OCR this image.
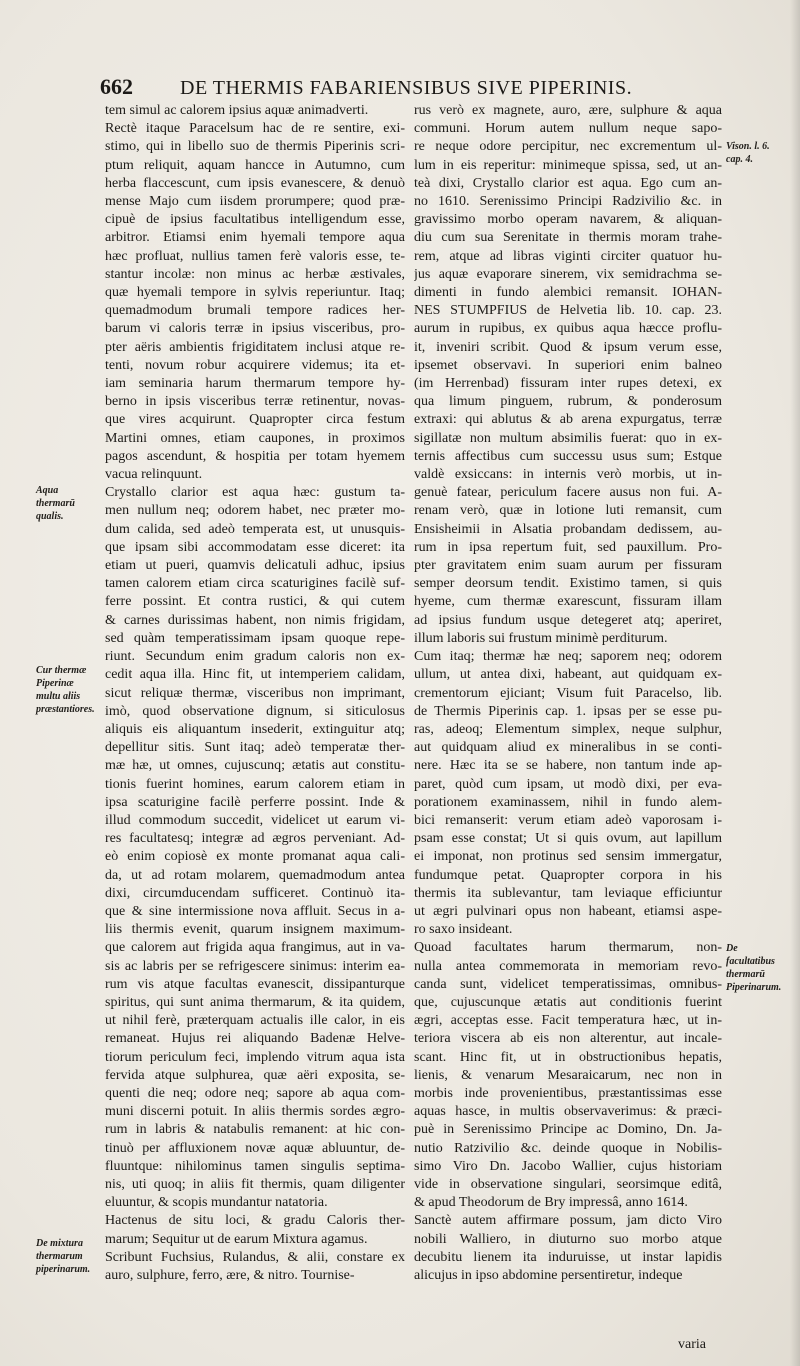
662	DE THERMIS FABARIENSIBUS SIVE PIPERINIS.
tem simul ac calorem ipsius aquæ animadverti.
Rectè itaque Paracelsum hac de re sentire, exi-
stimo, qui in libello suo de thermis Piperinis scri-
ptum reliquit, aquam hancce in Autumno, cum
herba flaccescunt, cum ipsis evanescere, & denuò
mense Majo cum iisdem prorumpere; quod præ-
cipuè de ipsius facultatibus intelligendum esse,
arbitror. Etiamsi enim hyemali tempore aqua
hæc profluat, nullius tamen ferè valoris esse, te-
stantur incolæ: non minus ac herbæ æstivales,
quæ hyemali tempore in sylvis reperiuntur. Itaq;
quemadmodum brumali tempore radices her-
barum vi caloris terræ in ipsius visceribus, pro-
pter aëris ambientis frigiditatem inclusi atque re-
tenti, novum robur acquirere videmus; ita et-
iam seminaria harum thermarum tempore hy-
berno in ipsis visceribus terræ retinentur, novas-
que vires acquirunt. Quapropter circa festum
Martini omnes, etiam caupones, in proximos
pagos ascendunt, & hospitia per totam hyemem
vacua relinquunt.
Crystallo clarior est aqua hæc: gustum ta-
men nullum neq; odorem habet, nec præter mo-
dum calida, sed adeò temperata est, ut unusquis-
que ipsam sibi accommodatam esse diceret: ita
etiam ut pueri, quamvis delicatuli adhuc, ipsius
tamen calorem etiam circa scaturigines facilè suf-
ferre possint. Et contra rustici, & qui cutem
& carnes durissimas habent, non nimis frigidam,
sed quàm temperatissimam ipsam quoque repe-
riunt. Secundum enim gradum caloris non ex-
cedit aqua illa. Hinc fit, ut intemperiem calidam,
sicut reliquæ thermæ, visceribus non imprimant,
imò, quod observatione dignum, si siticulosus
aliquis eis aliquantum insederit, extinguitur atq;
depellitur sitis. Sunt itaq; adeò temperatæ ther-
mæ hæ, ut omnes, cujuscunq; ætatis aut constitu-
tionis fuerint homines, earum calorem etiam in
ipsa scaturigine facilè perferre possint. Inde &
illud commodum succedit, videlicet ut earum vi-
res facultatesq; integræ ad ægros perveniant. Ad-
eò enim copiosè ex monte promanat aqua cali-
da, ut ad rotam molarem, quemadmodum antea
dixi, circumducendam sufficeret. Continuò ita-
que & sine intermissione nova affluit. Secus in a-
liis thermis evenit, quarum insignem maximum-
que calorem aut frigida aqua frangimus, aut in va-
sis ac labris per se refrigescere sinimus: interim ea-
rum vis atque facultas evanescit, dissipanturque
spiritus, qui sunt anima thermarum, & ita quidem,
ut nihil ferè, præterquam actualis ille calor, in eis
remaneat. Hujus rei aliquando Badenæ Helve-
tiorum periculum feci, implendo vitrum aqua ista
fervida atque sulphurea, quæ aëri exposita, se-
quenti die neq; odore neq; sapore ab aqua com-
muni discerni potuit. In aliis thermis sordes ægro-
rum in labris & natabulis remanent: at hic con-
tinuò per affluxionem novæ aquæ abluuntur, de-
fluuntque: nihilominus tamen singulis septima-
nis, uti quoq; in aliis fit thermis, quam diligenter
eluuntur, & scopis mundantur natatoria.
Hactenus de situ loci, & gradu Caloris ther-
marum; Sequitur ut de earum Mixtura agamus.
Scribunt Fuchsius, Rulandus, & alii, constare ex
auro, sulphure, ferro, ære, & nitro. Tournise-
rus verò ex magnete, auro, ære, sulphure & aqua
communi. Horum autem nullum neque sapo-
re neque odore percipitur, nec excrementum ul-
lum in eis reperitur: minimeque spissa, sed, ut an-
teà dixi, Crystallo clarior est aqua. Ego cum an-
no 1610. Serenissimo Principi Radzivilio &c. in
gravissimo morbo operam navarem, & aliquan-
diu cum sua Serenitate in thermis moram trahe-
rem, atque ad libras viginti circiter quatuor hu-
jus aquæ evaporare sinerem, vix semidrachma se-
dimenti in fundo alembici remansit. IOHAN-
NES STUMPFIUS de Helvetia lib. 10. cap. 23.
aurum in rupibus, ex quibus aqua hæcce proflu-
it, inveniri scribit. Quod & ipsum verum esse,
ipsemet observavi. In superiori enim balneo
(im Herrenbad) fissuram inter rupes detexi, ex
qua limum pinguem, rubrum, & ponderosum
extraxi: qui ablutus & ab arena expurgatus, terræ
sigillatæ non multum absimilis fuerat: quo in ex-
ternis affectibus cum successu usus sum; Estque
valdè exsiccans: in internis verò morbis, ut in-
genuè fatear, periculum facere ausus non fui. A-
renam verò, quæ in lotione luti remansit, cum
Ensisheimii in Alsatia probandam dedissem, au-
rum in ipsa repertum fuit, sed pauxillum. Pro-
pter gravitatem enim suam aurum per fissuram
semper deorsum tendit. Existimo tamen, si quis
hyeme, cum thermæ exarescunt, fissuram illam
ad ipsius fundum usque detegeret atq; aperiret,
illum laboris sui frustum minimè perditurum.
Cum itaq; thermæ hæ neq; saporem neq; odorem
ullum, ut antea dixi, habeant, aut quidquam ex-
crementorum ejiciant; Visum fuit Paracelso, lib.
de Thermis Piperinis cap. 1. ipsas per se esse pu-
ras, adeoq; Elementum simplex, neque sulphur,
aut quidquam aliud ex mineralibus in se conti-
nere. Hæc ita se se habere, non tantum inde ap-
paret, quòd cum ipsam, ut modò dixi, per eva-
porationem examinassem, nihil in fundo alem-
bici remanserit: verum etiam adeò vaporosam i-
psam esse constat; Ut si quis ovum, aut lapillum
ei imponat, non protinus sed sensim immergatur,
fundumque petat. Quapropter corpora in his
thermis ita sublevantur, tam leviaque efficiuntur
ut ægri pulvinari opus non habeant, etiamsi aspe-
ro saxo insideant.
Quoad facultates harum thermarum, non-
nulla antea commemorata in memoriam revo-
canda sunt, videlicet temperatissimas, omnibus-
que, cujuscunque ætatis aut conditionis fuerint
ægri, acceptas esse. Facit temperatura hæc, ut in-
teriora viscera ab eis non alterentur, aut incale-
scant. Hinc fit, ut in obstructionibus hepatis,
lienis, & venarum Mesaraicarum, nec non in
morbis inde provenientibus, præstantissimas esse
aquas hasce, in multis observaverimus: & præci-
puè in Serenissimo Principe ac Domino, Dn. Ja-
nutio Ratzivilio &c. deinde quoque in Nobilis-
simo Viro Dn. Jacobo Wallier, cujus historiam
vide in observatione singulari, seorsimque editâ,
& apud Theodorum de Bry impressâ, anno 1614.
Sanctè autem affirmare possum, jam dicto Viro
nobili Walliero, in diuturno suo morbo atque
decubitu lienem ita induruisse, ut instar lapidis
alicujus in ipso abdomine persentiretur, indeque
Aqua thermarū qualis.
Cur thermæ Piperinæ multu aliis præstantiores.
De mixtura thermarum piperinarum.
Vison. l. 6. cap. 4.
De facultatibus thermarū Piperinarum.
varia
